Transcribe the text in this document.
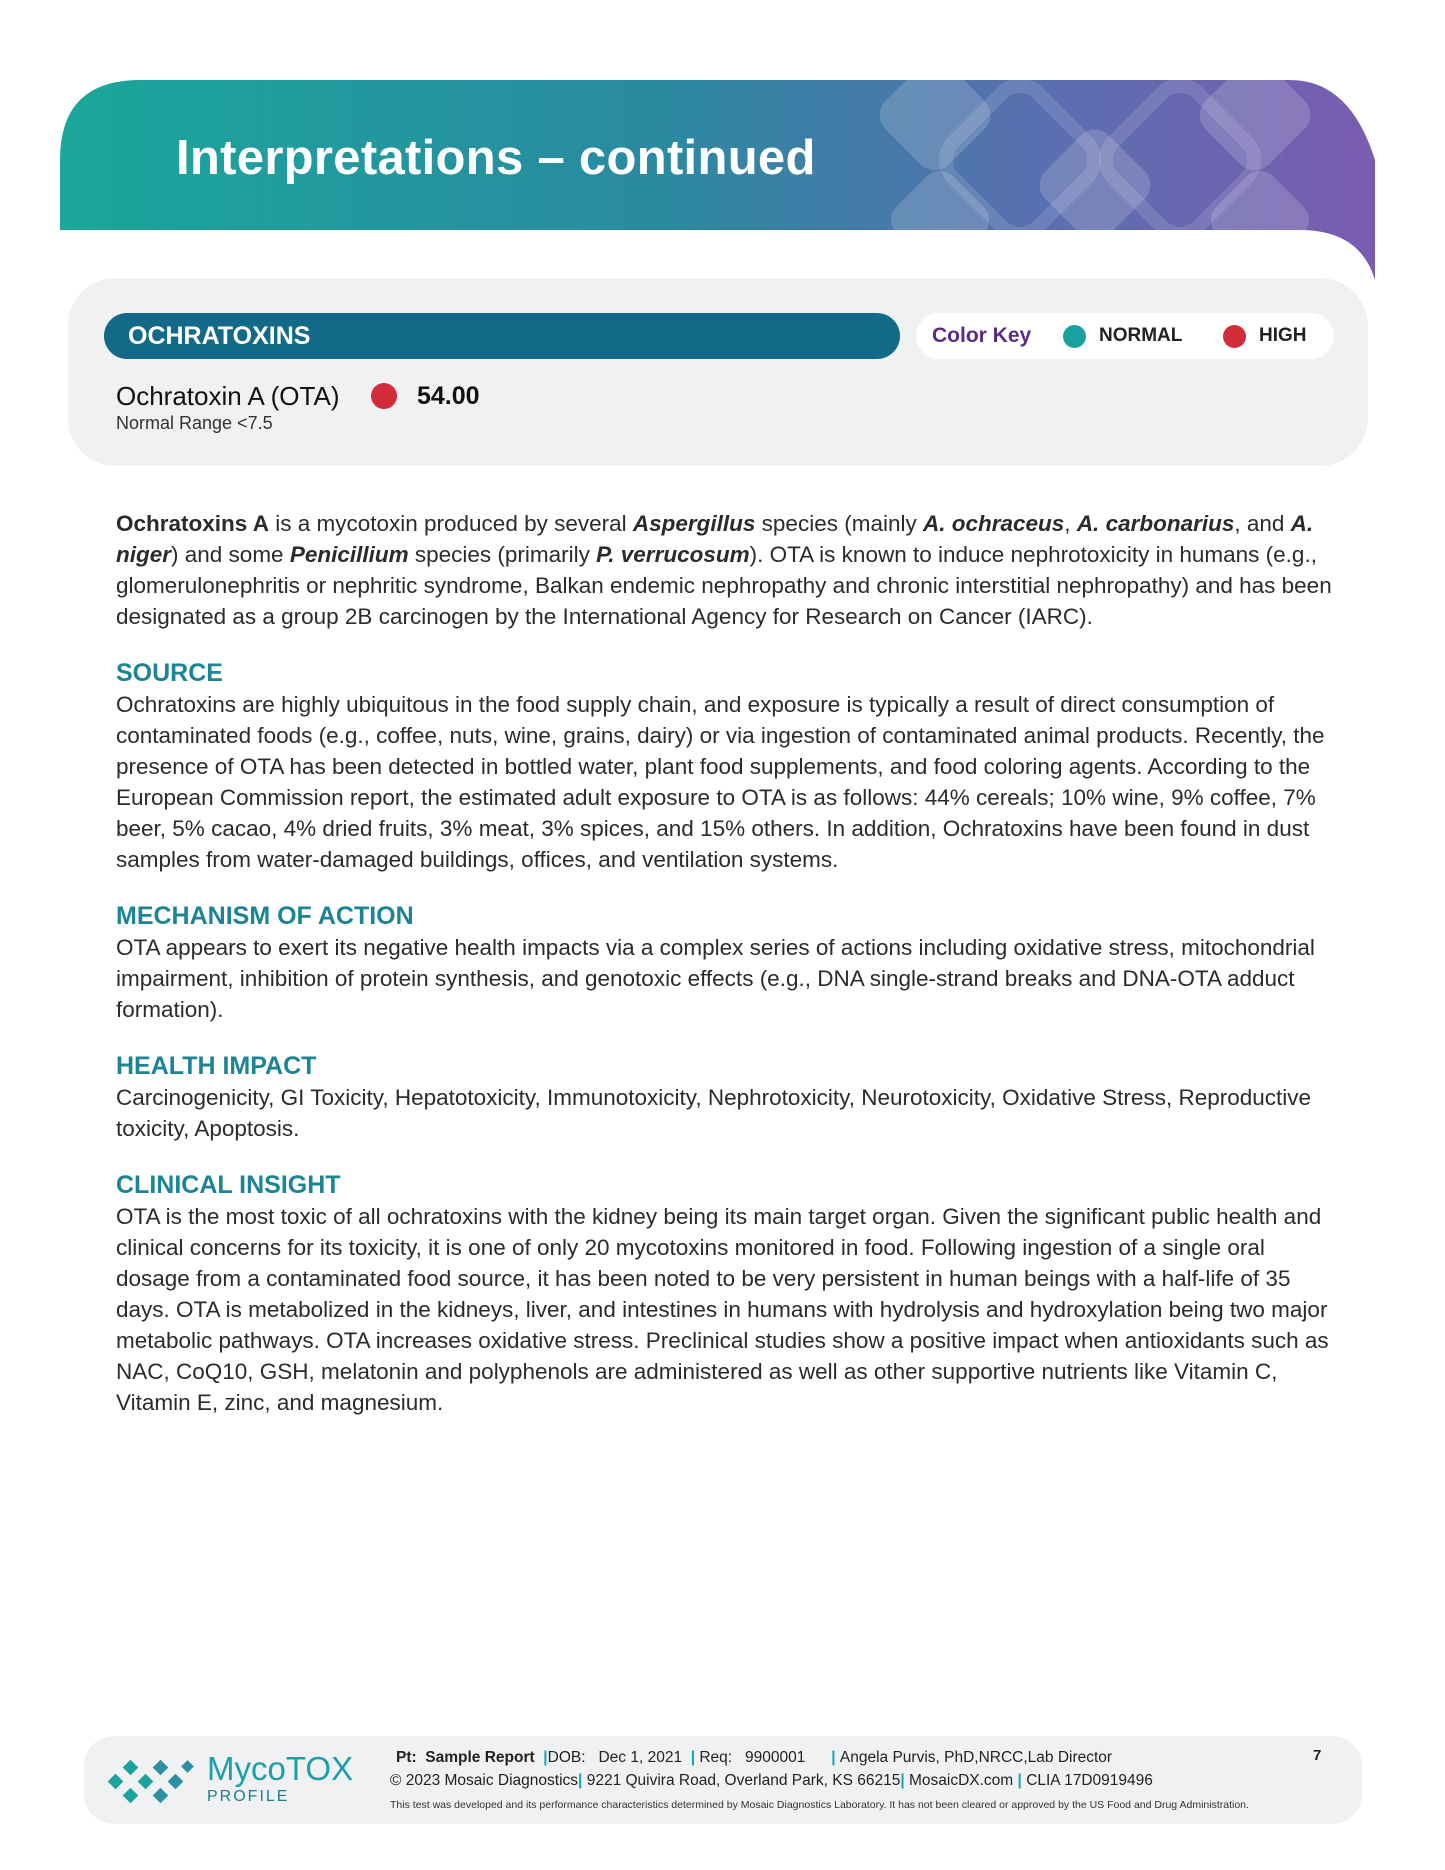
Interpretations – continued
OCHRATOXINS	Color Key	NORMAL	HIGH
Ochratoxin A (OTA)	54.00
Normal Range <7.5

Ochratoxins A is a mycotoxin produced by several Aspergillus species (mainly A. ochraceus, A. carbonarius, and A. niger) and some Penicillium species (primarily P. verrucosum). OTA is known to induce nephrotoxicity in humans (e.g., glomerulonephritis or nephritic syndrome, Balkan endemic nephropathy and chronic interstitial nephropathy) and has been designated as a group 2B carcinogen by the International Agency for Research on Cancer (IARC).

SOURCE

Ochratoxins are highly ubiquitous in the food supply chain, and exposure is typically a result of direct consumption of contaminated foods (e.g., coffee, nuts, wine, grains, dairy) or via ingestion of contaminated animal products. Recently, the presence of OTA has been detected in bottled water, plant food supplements, and food coloring agents. According to the European Commission report, the estimated adult exposure to OTA is as follows: 44% cereals; 10% wine, 9% coffee, 7% beer, 5% cacao, 4% dried fruits, 3% meat, 3% spices, and 15% others. In addition, Ochratoxins have been found in dust samples from water-damaged buildings, offices, and ventilation systems.

MECHANISM OF ACTION

OTA appears to exert its negative health impacts via a complex series of actions including oxidative stress, mitochondrial impairment, inhibition of protein synthesis, and genotoxic effects (e.g., DNA single-strand breaks and DNA-OTA adduct formation).

HEALTH IMPACT

Carcinogenicity, GI Toxicity, Hepatotoxicity, Immunotoxicity, Nephrotoxicity, Neurotoxicity, Oxidative Stress, Reproductive toxicity, Apoptosis.

CLINICAL INSIGHT

OTA is the most toxic of all ochratoxins with the kidney being its main target organ. Given the significant public health and clinical concerns for its toxicity, it is one of only 20 mycotoxins monitored in food. Following ingestion of a single oral dosage from a contaminated food source, it has been noted to be very persistent in human beings with a half-life of 35 days. OTA is metabolized in the kidneys, liver, and intestines in humans with hydrolysis and hydroxylation being two major metabolic pathways. OTA increases oxidative stress. Preclinical studies show a positive impact when antioxidants such as NAC, CoQ10, GSH, melatonin and polyphenols are administered as well as other supportive nutrients like Vitamin C, Vitamin E, zinc, and magnesium.

MycoTOX
PROFILE
Pt: Sample Report  |DOB: Dec 1, 2021  | Req: 9900001 | Angela Purvis, PhD,NRCC,Lab Director
© 2023 Mosaic Diagnostics| 9221 Quivira Road, Overland Park, KS 66215| MosaicDX.com | CLIA 17D0919496
This test was developed and its performance characteristics determined by Mosaic Diagnostics Laboratory. It has not been cleared or approved by the US Food and Drug Administration.
7
